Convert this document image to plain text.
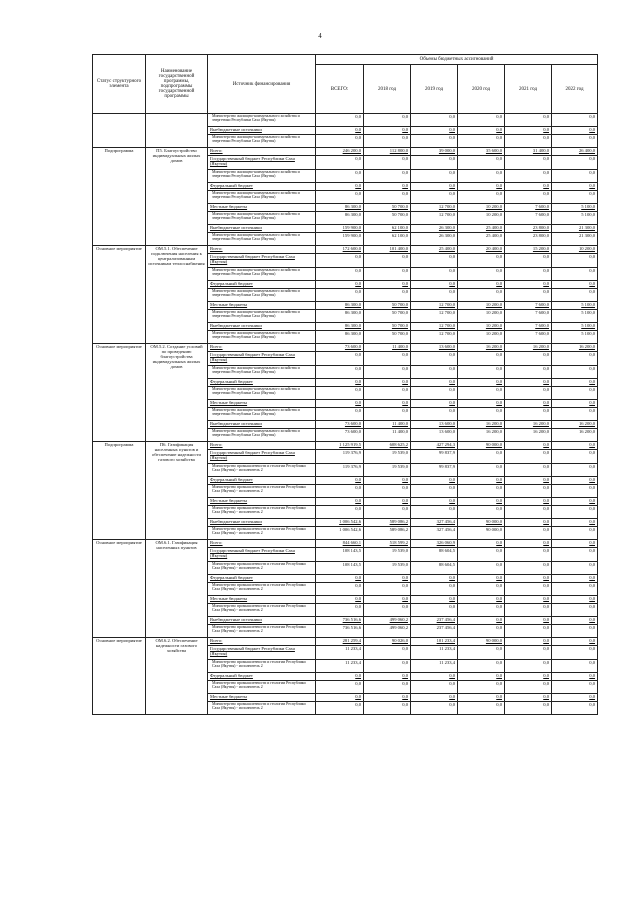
4
Статус структурного элемента	Наименование государственной программы, подпрограммы государственной программы	Источник финансирования	Объемы бюджетных ассигнований					
			ВСЕГО:	2018 год	2019 год	2020 год	2021 год	2022 год
		Министерство жилищно-коммунального хозяйства и энергетики Республики Саха (Якутия)	0,0	0,0	0,0	0,0	0,0	0,0
		Внебюджетные источники	0,0	0,0	0,0	0,0	0,0	0,0
		Министерство жилищно-коммунального хозяйства и энергетики Республики Саха (Якутия)	0,0	0,0	0,0	0,0	0,0	0,0
Подпрограмма	П5. Благоустройство индивидуальных жилых домов	Всего:	246 200,0	112 800,0	39 000,0	35 600,0	31 400,0	26 400,0
		Государственный бюджет Республики Саха (Якутия)	0,0	0,0	0,0	0,0	0,0	0,0
		Министерство жилищно-коммунального хозяйства и энергетики Республики Саха (Якутия)	0,0	0,0	0,0	0,0	0,0	0,0
		Федеральный бюджет	0,0	0,0	0,0	0,0	0,0	0,0
		Министерство жилищно-коммунального хозяйства и энергетики Республики Саха (Якутия)	0,0	0,0	0,0	0,0	0,0	0,0
		Местные бюджеты	86 300,0	50 700,0	12 700,0	10 200,0	7 600,0	5 100,0
		Министерство жилищно-коммунального хозяйства и энергетики Республики Саха (Якутия)	86 300,0	50 700,0	12 700,0	10 200,0	7 600,0	5 100,0
		Внебюджетные источники	159 900,0	62 100,0	26 300,0	25 400,0	23 800,0	21 300,0
		Министерство жилищно-коммунального хозяйства и энергетики Республики Саха (Якутия)	159 900,0	62 100,0	26 300,0	25 400,0	23 800,0	21 300,0
Основное мероприятие	ОМ.5.1. Обеспечение подключения населения к централизованным источникам теплоснабжения	Всего:	172 600,0	101 400,0	25 400,0	20 400,0	15 200,0	10 200,0
		Государственный бюджет Республики Саха (Якутия)	0,0	0,0	0,0	0,0	0,0	0,0
		Министерство жилищно-коммунального хозяйства и энергетики Республики Саха (Якутия)	0,0	0,0	0,0	0,0	0,0	0,0
		Федеральный бюджет	0,0	0,0	0,0	0,0	0,0	0,0
		Министерство жилищно-коммунального хозяйства и энергетики Республики Саха (Якутия)	0,0	0,0	0,0	0,0	0,0	0,0
		Местные бюджеты	86 300,0	50 700,0	12 700,0	10 200,0	7 600,0	5 100,0
		Министерство жилищно-коммунального хозяйства и энергетики Республики Саха (Якутия)	86 300,0	50 700,0	12 700,0	10 200,0	7 600,0	5 100,0
		Внебюджетные источники	86 300,0	50 700,0	12 700,0	10 200,0	7 600,0	5 100,0
		Министерство жилищно-коммунального хозяйства и энергетики Республики Саха (Якутия)	86 300,0	50 700,0	12 700,0	10 200,0	7 600,0	5 100,0
Основное мероприятие	ОМ.5.2. Создание условий по проведению благоустройства индивидуальных жилых домов	Всего:	73 600,0	11 400,0	13 600,0	16 200,0	16 200,0	16 200,0
		Государственный бюджет Республики Саха (Якутия)	0,0	0,0	0,0	0,0	0,0	0,0
		Министерство жилищно-коммунального хозяйства и энергетики Республики Саха (Якутия)	0,0	0,0	0,0	0,0	0,0	0,0
		Федеральный бюджет	0,0	0,0	0,0	0,0	0,0	0,0
		Министерство жилищно-коммунального хозяйства и энергетики Республики Саха (Якутия)	0,0	0,0	0,0	0,0	0,0	0,0
		Местные бюджеты	0,0	0,0	0,0	0,0	0,0	0,0
		Министерство жилищно-коммунального хозяйства и энергетики Республики Саха (Якутия)	0,0	0,0	0,0	0,0	0,0	0,0
		Внебюджетные источники	73 600,0	11 400,0	13 600,0	16 200,0	16 200,0	16 200,0
		Министерство жилищно-коммунального хозяйства и энергетики Республики Саха (Якутия)	73 600,0	11 400,0	13 600,0	16 200,0	16 200,0	16 200,0
Подпрограмма	П6. Газификация населенных пунктов и обеспечение надежности газового хозяйства	Всего:	1 125 919,5	608 625,2	427 294,3	90 000,0	0,0	0,0
		Государственный бюджет Республики Саха (Якутия)	119 376,9	19 539,0	99 837,9	0,0	0,0	0,0
		Министерство промышленности и геологии Республики Саха (Якутия) - исполнитель 2	119 376,9	19 539,0	99 837,9	0,0	0,0	0,0
		Федеральный бюджет	0,0	0,0	0,0	0,0	0,0	0,0
		Министерство промышленности и геологии Республики Саха (Якутия) - исполнитель 2	0,0	0,0	0,0	0,0	0,0	0,0
		Местные бюджеты	0,0	0,0	0,0	0,0	0,0	0,0
		Министерство промышленности и геологии Республики Саха (Якутия) - исполнитель 2	0,0	0,0	0,0	0,0	0,0	0,0
		Внебюджетные источники	1 006 542,6	589 086,2	327 456,4	90 000,0	0,0	0,0
		Министерство промышленности и геологии Республики Саха (Якутия) - исполнитель 2	1 006 542,6	589 086,2	327 456,4	90 000,0	0,0	0,0
Основное мероприятие	ОМ.6.1. Газификация населенных пунктов	Всего:	844 660,1	518 599,2	326 060,9	0,0	0,0	0,0
		Государственный бюджет Республики Саха (Якутия)	108 143,5	19 539,0	88 604,5	0,0	0,0	0,0
		Министерство промышленности и геологии Республики Саха (Якутия) - исполнитель 2	108 143,5	19 539,0	88 604,5	0,0	0,0	0,0
		Федеральный бюджет	0,0	0,0	0,0	0,0	0,0	0,0
		Министерство промышленности и геологии Республики Саха (Якутия) - исполнитель 2	0,0	0,0	0,0	0,0	0,0	0,0
		Местные бюджеты	0,0	0,0	0,0	0,0	0,0	0,0
		Министерство промышленности и геологии Республики Саха (Якутия) - исполнитель 2	0,0	0,0	0,0	0,0	0,0	0,0
		Внебюджетные источники	736 516,6	499 060,2	237 456,4	0,0	0,0	0,0
		Министерство промышленности и геологии Республики Саха (Якутия) - исполнитель 2	736 516,6	499 060,2	237 456,4	0,0	0,0	0,0
Основное мероприятие	ОМ.6.2. Обеспечение надежности газового хозяйства	Всего:	281 259,4	90 026,0	101 233,4	90 000,0	0,0	0,0
		Государственный бюджет Республики Саха (Якутия)	11 233,4	0,0	11 233,4	0,0	0,0	0,0
		Министерство промышленности и геологии Республики Саха (Якутия) - исполнитель 2	11 233,4	0,0	11 233,4	0,0	0,0	0,0
		Федеральный бюджет	0,0	0,0	0,0	0,0	0,0	0,0
		Министерство промышленности и геологии Республики Саха (Якутия) - исполнитель 2	0,0	0,0	0,0	0,0	0,0	0,0
		Местные бюджеты	0,0	0,0	0,0	0,0	0,0	0,0
		Министерство промышленности и геологии Республики Саха (Якутия) - исполнитель 2	0,0	0,0	0,0	0,0	0,0	0,0
